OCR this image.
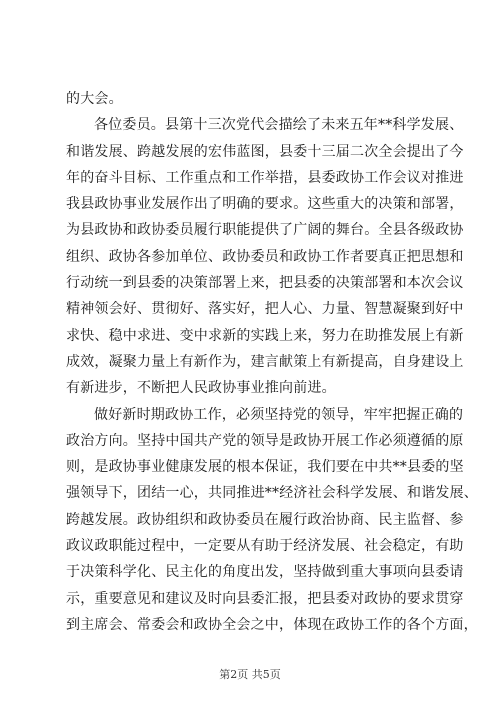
的大会。
各位委员。县第十三次党代会描绘了未来五年**科学发展、
和谐发展、跨越发展的宏伟蓝图，县委十三届二次全会提出了今
年的奋斗目标、工作重点和工作举措，县委政协工作会议对推进
我县政协事业发展作出了明确的要求。这些重大的决策和部署，
为县政协和政协委员履行职能提供了广阔的舞台。全县各级政协
组织、政协各参加单位、政协委员和政协工作者要真正把思想和
行动统一到县委的决策部署上来，把县委的决策部署和本次会议
精神领会好、贯彻好、落实好，把人心、力量、智慧凝聚到好中
求快、稳中求进、变中求新的实践上来，努力在助推发展上有新
成效，凝聚力量上有新作为，建言献策上有新提高，自身建设上
有新进步，不断把人民政协事业推向前进。
做好新时期政协工作，必须坚持党的领导，牢牢把握正确的
政治方向。坚持中国共产党的领导是政协开展工作必须遵循的原
则，是政协事业健康发展的根本保证，我们要在中共**县委的坚
强领导下，团结一心，共同推进**经济社会科学发展、和谐发展、
跨越发展。政协组织和政协委员在履行政治协商、民主监督、参
政议政职能过程中，一定要从有助于经济发展、社会稳定，有助
于决策科学化、民主化的角度出发，坚持做到重大事项向县委请
示，重要意见和建议及时向县委汇报，把县委对政协的要求贯穿
到主席会、常委会和政协全会之中，体现在政协工作的各个方面，
第2页 共5页
